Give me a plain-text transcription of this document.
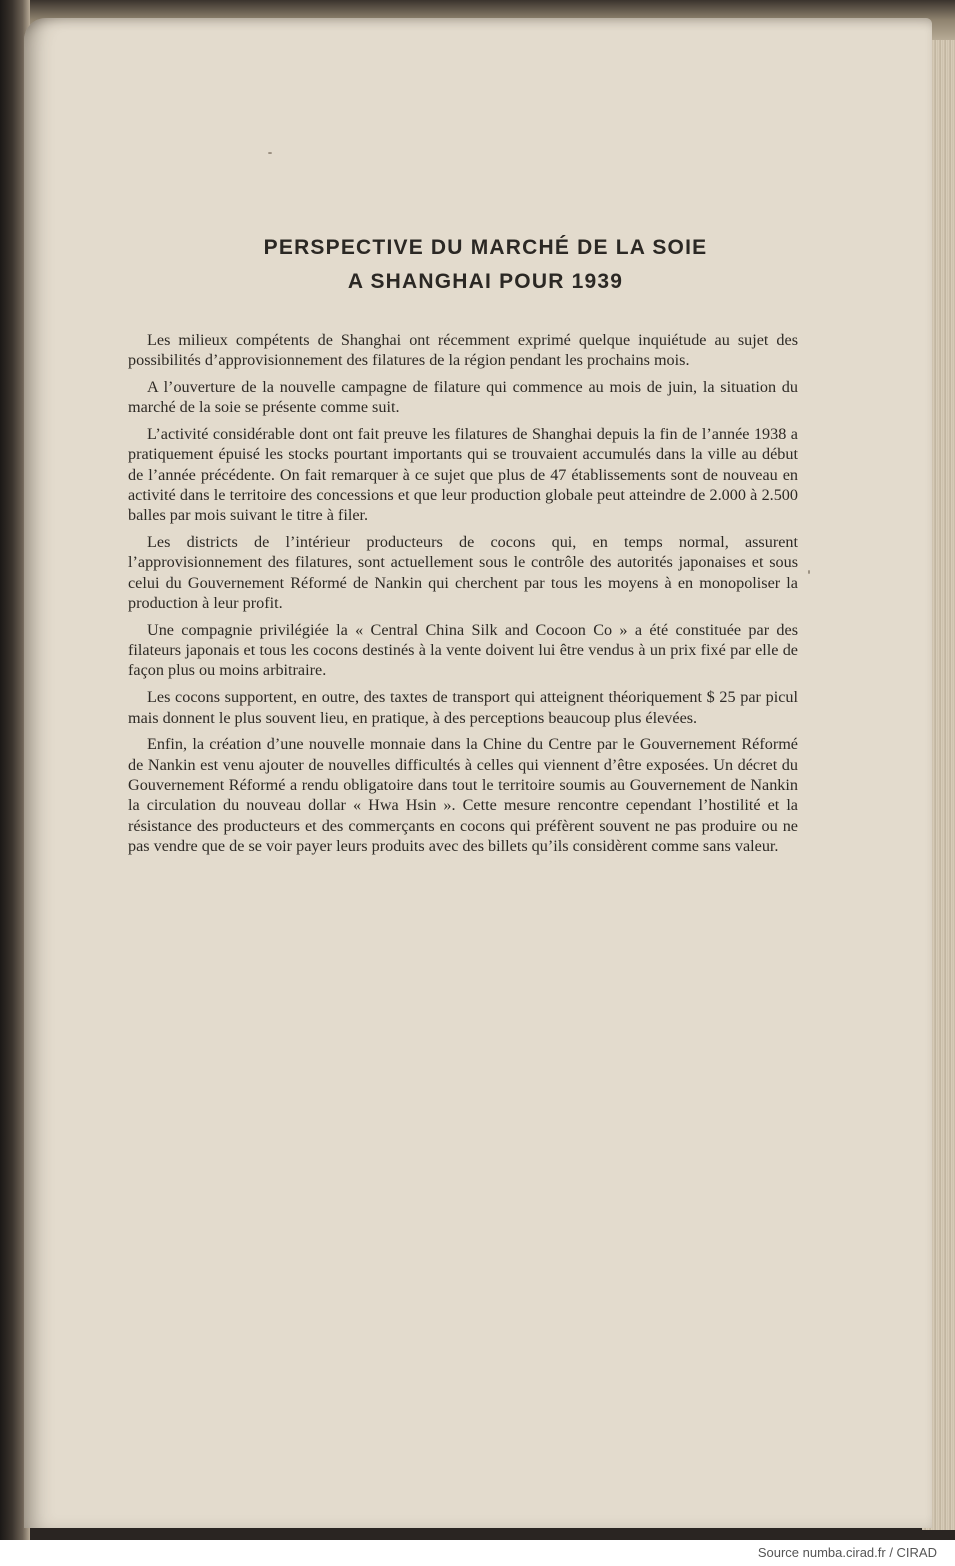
PERSPECTIVE DU MARCHÉ DE LA SOIE
A SHANGHAI POUR 1939

Les milieux compétents de Shanghai ont récemment exprimé quelque inquiétude au sujet des possibilités d’approvisionnement des filatures de la région pendant les prochains mois.

A l’ouverture de la nouvelle campagne de filature qui commence au mois de juin, la situation du marché de la soie se présente comme suit.

L’activité considérable dont ont fait preuve les filatures de Shanghai depuis la fin de l’année 1938 a pratiquement épuisé les stocks pourtant importants qui se trouvaient accumulés dans la ville au début de l’année précédente. On fait remarquer à ce sujet que plus de 47 établissements sont de nouveau en activité dans le territoire des concessions et que leur production globale peut atteindre de 2.000 à 2.500 balles par mois suivant le titre à filer.

Les districts de l’intérieur producteurs de cocons qui, en temps normal, assurent l’approvisionnement des filatures, sont actuellement sous le contrôle des autorités japonaises et sous celui du Gouvernement Réformé de Nankin qui cherchent par tous les moyens à en monopoliser la production à leur profit.

Une compagnie privilégiée la « Central China Silk and Cocoon Co » a été constituée par des filateurs japonais et tous les cocons destinés à la vente doivent lui être vendus à un prix fixé par elle de façon plus ou moins arbitraire.

Les cocons supportent, en outre, des taxtes de transport qui atteignent théoriquement $ 25 par picul mais donnent le plus souvent lieu, en pratique, à des perceptions beaucoup plus élevées.

Enfin, la création d’une nouvelle monnaie dans la Chine du Centre par le Gouvernement Réformé de Nankin est venu ajouter de nouvelles difficultés à celles qui viennent d’être exposées. Un décret du Gouvernement Réformé a rendu obligatoire dans tout le territoire soumis au Gouvernement de Nankin la circulation du nouveau dollar « Hwa Hsin ». Cette mesure rencontre cependant l’hostilité et la résistance des producteurs et des commerçants en cocons qui préfèrent souvent ne pas produire ou ne pas vendre que de se voir payer leurs produits avec des billets qu’ils considèrent comme sans valeur.

Source numba.cirad.fr / CIRAD
